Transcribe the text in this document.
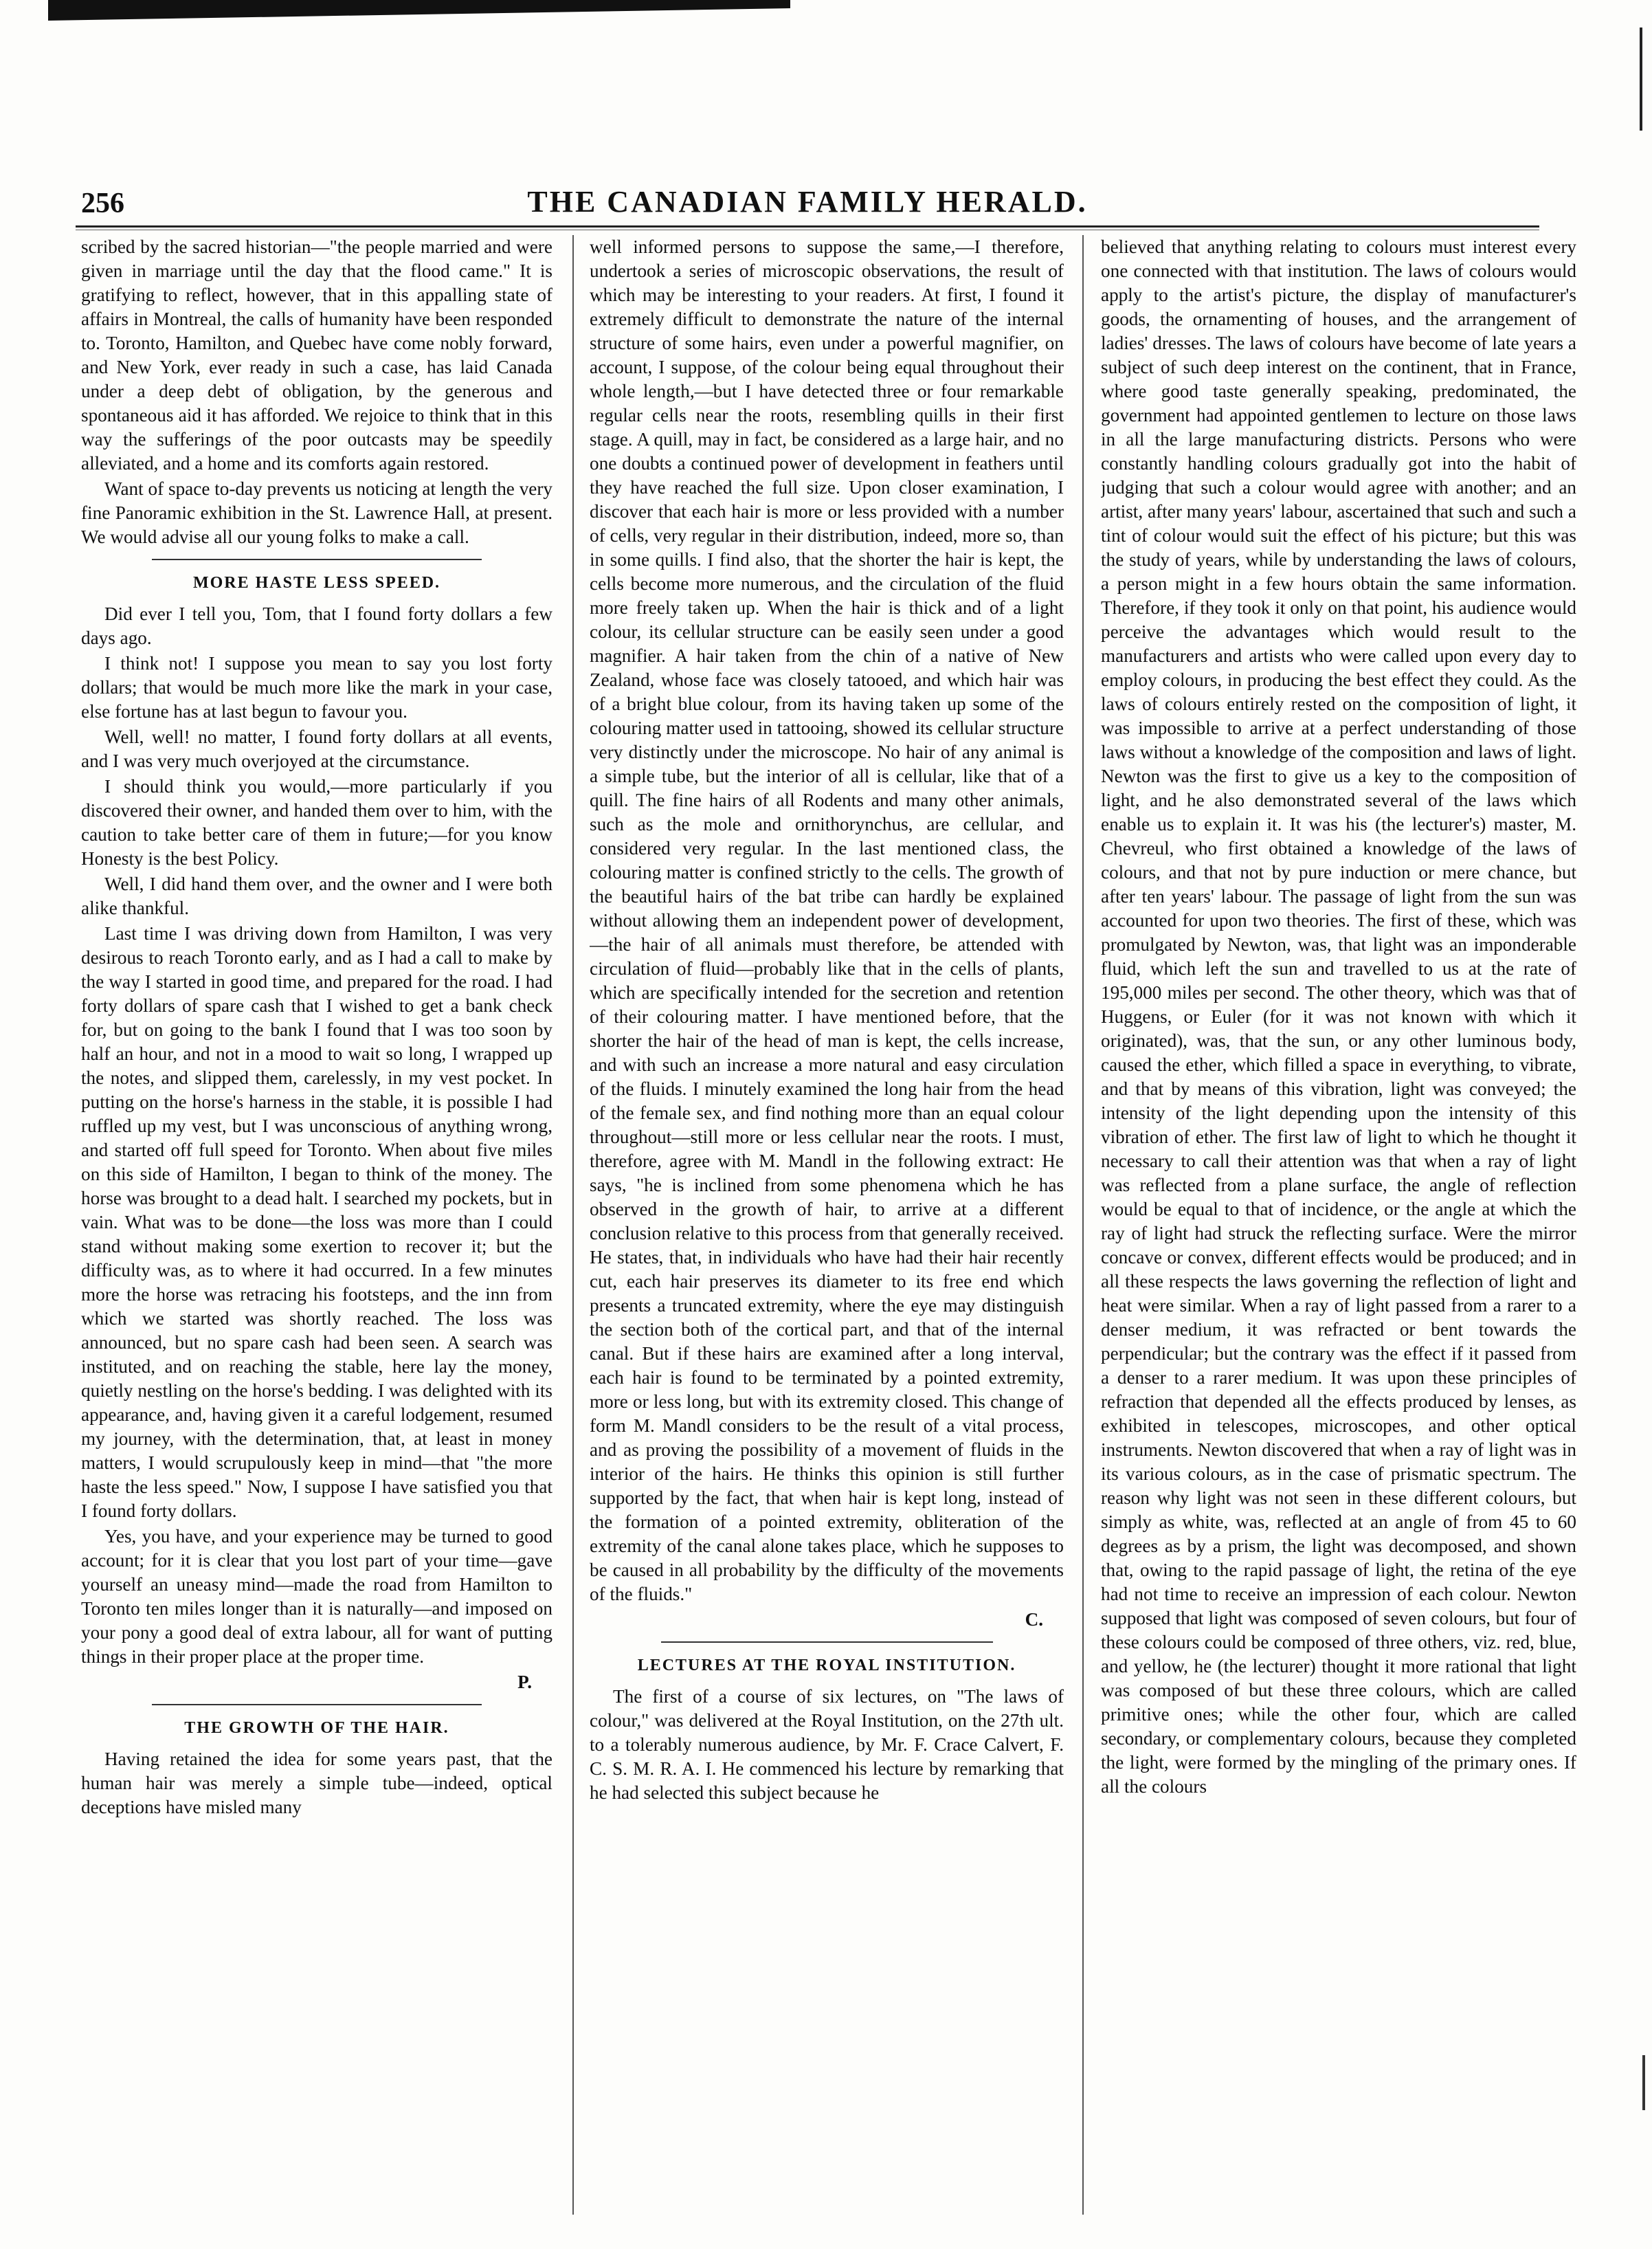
THE CANADIAN FAMILY HERALD.
256

scribed by the sacred historian—"the people married and were given in marriage until the day that the flood came." It is gratifying to reflect, however, that in this appalling state of affairs in Montreal, the calls of humanity have been responded to. Toronto, Hamilton, and Quebec have come nobly forward, and New York, ever ready in such a case, has laid Canada under a deep debt of obligation, by the generous and spontaneous aid it has afforded. We rejoice to think that in this way the sufferings of the poor outcasts may be speedily alleviated, and a home and its comforts again restored.

Want of space to-day prevents us noticing at length the very fine Panoramic exhibition in the St. Lawrence Hall, at present. We would advise all our young folks to make a call.

MORE HASTE LESS SPEED.

Did ever I tell you, Tom, that I found forty dollars a few days ago.

I think not! I suppose you mean to say you lost forty dollars; that would be much more like the mark in your case, else fortune has at last begun to favour you.

Well, well! no matter, I found forty dollars at all events, and I was very much overjoyed at the circumstance.

I should think you would,—more particularly if you discovered their owner, and handed them over to him, with the caution to take better care of them in future;—for you know Honesty is the best Policy.

Well, I did hand them over, and the owner and I were both alike thankful.

Last time I was driving down from Hamilton, I was very desirous to reach Toronto early, and as I had a call to make by the way I started in good time, and prepared for the road. I had forty dollars of spare cash that I wished to get a bank check for, but on going to the bank I found that I was too soon by half an hour, and not in a mood to wait so long, I wrapped up the notes, and slipped them, carelessly, in my vest pocket. In putting on the horse's harness in the stable, it is possible I had ruffled up my vest, but I was unconscious of anything wrong, and started off full speed for Toronto. When about five miles on this side of Hamilton, I began to think of the money. The horse was brought to a dead halt. I searched my pockets, but in vain. What was to be done—the loss was more than I could stand without making some exertion to recover it; but the difficulty was, as to where it had occurred. In a few minutes more the horse was retracing his footsteps, and the inn from which we started was shortly reached. The loss was announced, but no spare cash had been seen. A search was instituted, and on reaching the stable, here lay the money, quietly nestling on the horse's bedding. I was delighted with its appearance, and, having given it a careful lodgement, resumed my journey, with the determination, that, at least in money matters, I would scrupulously keep in mind—that "the more haste the less speed." Now, I suppose I have satisfied you that I found forty dollars.

Yes, you have, and your experience may be turned to good account; for it is clear that you lost part of your time—gave yourself an uneasy mind—made the road from Hamilton to Toronto ten miles longer than it is naturally—and imposed on your pony a good deal of extra labour, all for want of putting things in their proper place at the proper time.

P.

THE GROWTH OF THE HAIR.

Having retained the idea for some years past, that the human hair was merely a simple tube—indeed, optical deceptions have misled many

well informed persons to suppose the same,—I therefore, undertook a series of microscopic observations, the result of which may be interesting to your readers. At first, I found it extremely difficult to demonstrate the nature of the internal structure of some hairs, even under a powerful magnifier, on account, I suppose, of the colour being equal throughout their whole length,—but I have detected three or four remarkable regular cells near the roots, resembling quills in their first stage. A quill, may in fact, be considered as a large hair, and no one doubts a continued power of development in feathers until they have reached the full size. Upon closer examination, I discover that each hair is more or less provided with a number of cells, very regular in their distribution, indeed, more so, than in some quills. I find also, that the shorter the hair is kept, the cells become more numerous, and the circulation of the fluid more freely taken up. When the hair is thick and of a light colour, its cellular structure can be easily seen under a good magnifier. A hair taken from the chin of a native of New Zealand, whose face was closely tatooed, and which hair was of a bright blue colour, from its having taken up some of the colouring matter used in tattooing, showed its cellular structure very distinctly under the microscope. No hair of any animal is a simple tube, but the interior of all is cellular, like that of a quill. The fine hairs of all Rodents and many other animals, such as the mole and ornithorynchus, are cellular, and considered very regular. In the last mentioned class, the colouring matter is confined strictly to the cells. The growth of the beautiful hairs of the bat tribe can hardly be explained without allowing them an independent power of development,—the hair of all animals must therefore, be attended with circulation of fluid—probably like that in the cells of plants, which are specifically intended for the secretion and retention of their colouring matter. I have mentioned before, that the shorter the hair of the head of man is kept, the cells increase, and with such an increase a more natural and easy circulation of the fluids. I minutely examined the long hair from the head of the female sex, and find nothing more than an equal colour throughout—still more or less cellular near the roots. I must, therefore, agree with M. Mandl in the following extract: He says, "he is inclined from some phenomena which he has observed in the growth of hair, to arrive at a different conclusion relative to this process from that generally received. He states, that, in individuals who have had their hair recently cut, each hair preserves its diameter to its free end which presents a truncated extremity, where the eye may distinguish the section both of the cortical part, and that of the internal canal. But if these hairs are examined after a long interval, each hair is found to be terminated by a pointed extremity, more or less long, but with its extremity closed. This change of form M. Mandl considers to be the result of a vital process, and as proving the possibility of a movement of fluids in the interior of the hairs. He thinks this opinion is still further supported by the fact, that when hair is kept long, instead of the formation of a pointed extremity, obliteration of the extremity of the canal alone takes place, which he supposes to be caused in all probability by the difficulty of the movements of the fluids."

C.

LECTURES AT THE ROYAL INSTITUTION.

The first of a course of six lectures, on "The laws of colour," was delivered at the Royal Institution, on the 27th ult. to a tolerably numerous audience, by Mr. F. Crace Calvert, F. C. S. M. R. A. I. He commenced his lecture by remarking that he had selected this subject because he

believed that anything relating to colours must interest every one connected with that institution. The laws of colours would apply to the artist's picture, the display of manufacturer's goods, the ornamenting of houses, and the arrangement of ladies' dresses. The laws of colours have become of late years a subject of such deep interest on the continent, that in France, where good taste generally speaking, predominated, the government had appointed gentlemen to lecture on those laws in all the large manufacturing districts. Persons who were constantly handling colours gradually got into the habit of judging that such a colour would agree with another; and an artist, after many years' labour, ascertained that such and such a tint of colour would suit the effect of his picture; but this was the study of years, while by understanding the laws of colours, a person might in a few hours obtain the same information. Therefore, if they took it only on that point, his audience would perceive the advantages which would result to the manufacturers and artists who were called upon every day to employ colours, in producing the best effect they could. As the laws of colours entirely rested on the composition of light, it was impossible to arrive at a perfect understanding of those laws without a knowledge of the composition and laws of light. Newton was the first to give us a key to the composition of light, and he also demonstrated several of the laws which enable us to explain it. It was his (the lecturer's) master, M. Chevreul, who first obtained a knowledge of the laws of colours, and that not by pure induction or mere chance, but after ten years' labour. The passage of light from the sun was accounted for upon two theories. The first of these, which was promulgated by Newton, was, that light was an imponderable fluid, which left the sun and travelled to us at the rate of 195,000 miles per second. The other theory, which was that of Huggens, or Euler (for it was not known with which it originated), was, that the sun, or any other luminous body, caused the ether, which filled a space in everything, to vibrate, and that by means of this vibration, light was conveyed; the intensity of the light depending upon the intensity of this vibration of ether. The first law of light to which he thought it necessary to call their attention was that when a ray of light was reflected from a plane surface, the angle of reflection would be equal to that of incidence, or the angle at which the ray of light had struck the reflecting surface. Were the mirror concave or convex, different effects would be produced; and in all these respects the laws governing the reflection of light and heat were similar. When a ray of light passed from a rarer to a denser medium, it was refracted or bent towards the perpendicular; but the contrary was the effect if it passed from a denser to a rarer medium. It was upon these principles of refraction that depended all the effects produced by lenses, as exhibited in telescopes, microscopes, and other optical instruments. Newton discovered that when a ray of light was in its various colours, as in the case of prismatic spectrum. The reason why light was not seen in these different colours, but simply as white, was, reflected at an angle of from 45 to 60 degrees as by a prism, the light was decomposed, and shown that, owing to the rapid passage of light, the retina of the eye had not time to receive an impression of each colour. Newton supposed that light was composed of seven colours, but four of these colours could be composed of three others, viz. red, blue, and yellow, he (the lecturer) thought it more rational that light was composed of but these three colours, which are called primitive ones; while the other four, which are called secondary, or complementary colours, because they completed the light, were formed by the mingling of the primary ones. If all the colours
